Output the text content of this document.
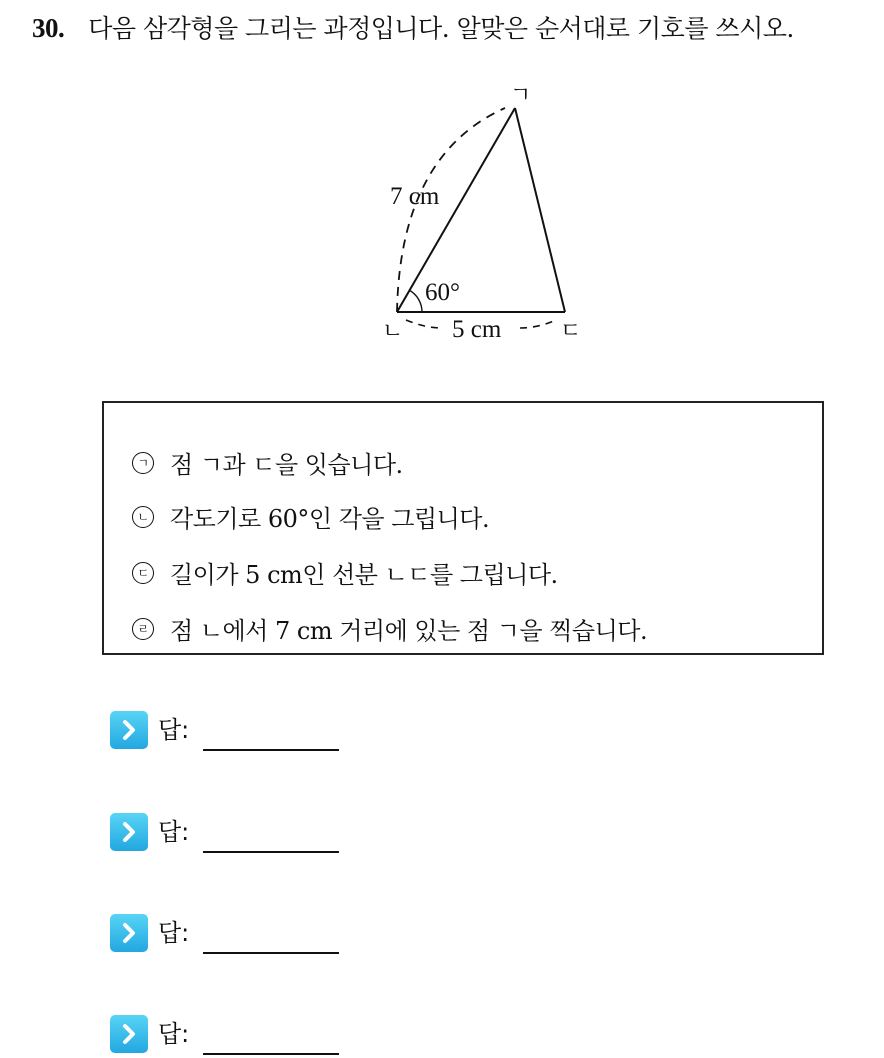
30. 다음 삼각형을 그리는 과정입니다. 알맞은 순서대로 기호를 쓰시오.
ㄱ
ㄴ	ㄷ
7 cm
60°
5 cm
ㄱ 점 ㄱ과 ㄷ을 잇습니다.
ㄴ 각도기로 60°인 각을 그립니다.
ㄷ 길이가 5 cm인 선분 ㄴㄷ를 그립니다.
ㄹ 점 ㄴ에서 7 cm 거리에 있는 점 ㄱ을 찍습니다.
답:
답:
답:
답:
